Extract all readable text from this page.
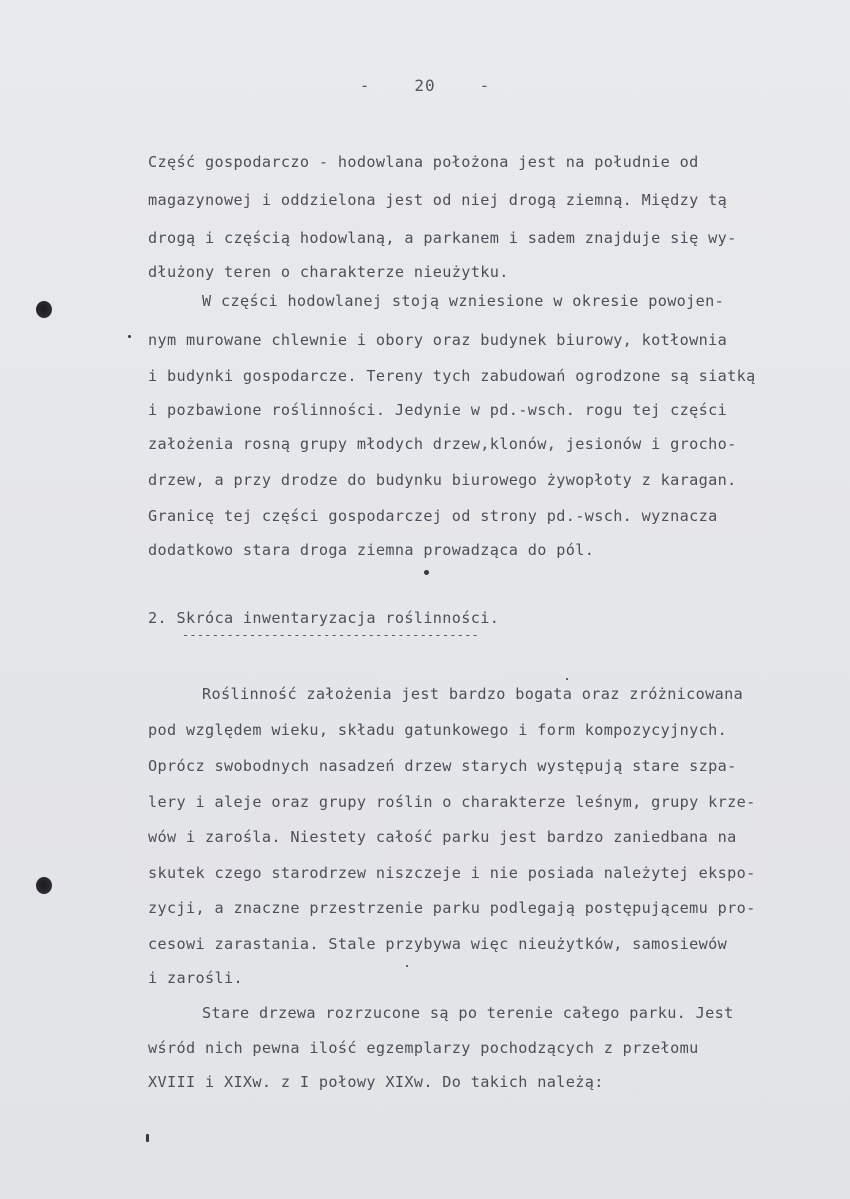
-	20	-
Część gospodarczo - hodowlana położona jest na południe od
magazynowej i oddzielona jest od niej drogą ziemną. Między tą
drogą i częścią hodowlaną, a parkanem i sadem znajduje się wy-
dłużony teren o charakterze nieużytku.
W części hodowlanej stoją wzniesione w okresie powojen-
nym murowane chlewnie i obory oraz budynek biurowy, kotłownia
i budynki gospodarcze. Tereny tych zabudowań ogrodzone są siatką
i pozbawione roślinności. Jedynie w pd.-wsch. rogu tej części
założenia rosną grupy młodych drzew,klonów, jesionów i grocho-
drzew, a przy drodze do budynku biurowego żywopłoty z karagan.
Granicę tej części gospodarczej od strony pd.-wsch. wyznacza
dodatkowo stara droga ziemna prowadząca do pól.
2. Skróca inwentaryzacja roślinności.
----------------------------------------
Roślinność założenia jest bardzo bogata oraz zróżnicowana
pod względem wieku, składu gatunkowego i form kompozycyjnych.
Oprócz swobodnych nasadzeń drzew starych występują stare szpa-
lery i aleje oraz grupy roślin o charakterze leśnym, grupy krze-
wów i zarośla. Niestety całość parku jest bardzo zaniedbana na
skutek czego starodrzew niszczeje i nie posiada należytej ekspo-
zycji, a znaczne przestrzenie parku podlegają postępującemu pro-
cesowi zarastania. Stale przybywa więc nieużytków, samosiewów
i zarośli.
Stare drzewa rozrzucone są po terenie całego parku. Jest
wśród nich pewna ilość egzemplarzy pochodzących z przełomu
XVIII i XIXw. z I połowy XIXw. Do takich należą:
